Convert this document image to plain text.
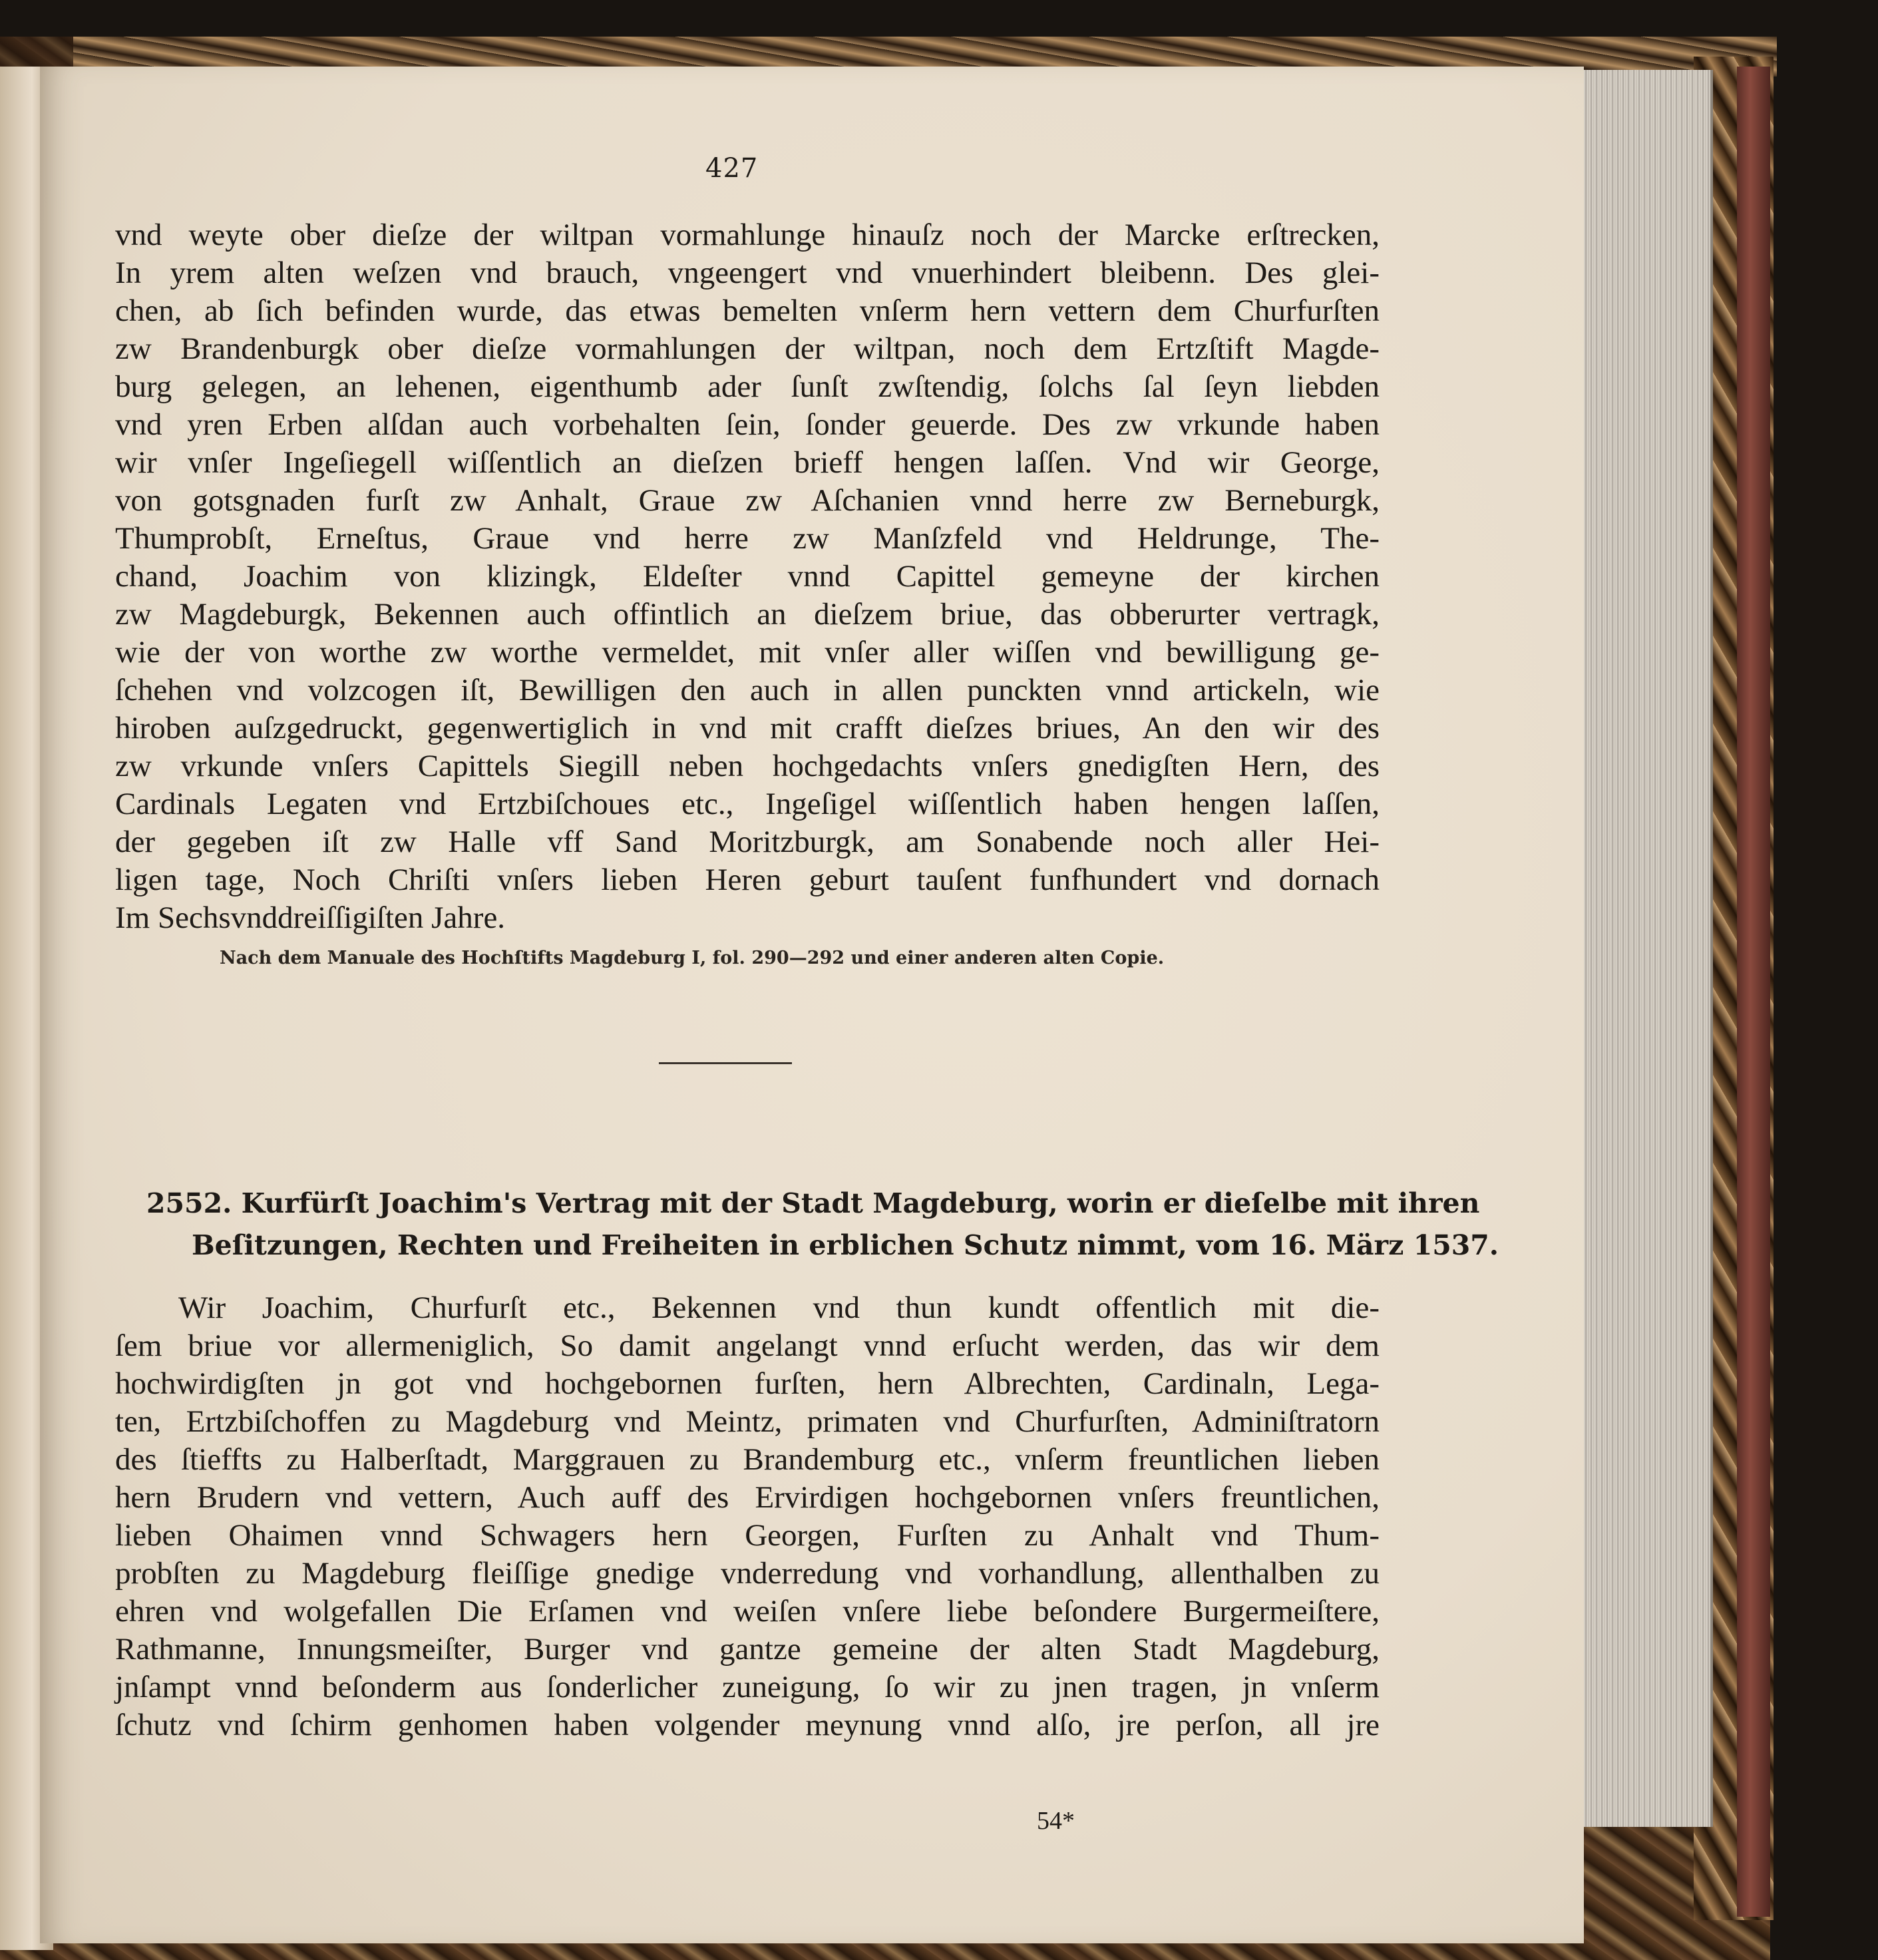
427
vnd weyte ober dieſze der wiltpan vormahlunge hinauſz noch der Marcke erſtrecken,
In yrem alten weſzen vnd brauch, vngeengert vnd vnuerhindert bleibenn. Des glei-
chen, ab ſich befinden wurde, das etwas bemelten vnſerm hern vettern dem Churfurſten
zw Brandenburgk ober dieſze vormahlungen der wiltpan, noch dem Ertzſtift Magde-
burg gelegen, an lehenen, eigenthumb ader ſunſt zwſtendig, ſolchs ſal ſeyn liebden
vnd yren Erben alſdan auch vorbehalten ſein, ſonder geuerde. Des zw vrkunde haben
wir vnſer Ingeſiegell wiſſentlich an dieſzen brieff hengen laſſen. Vnd wir George,
von gotsgnaden furſt zw Anhalt, Graue zw Aſchanien vnnd herre zw Berneburgk,
Thumprobſt, Erneſtus, Graue vnd herre zw Manſzfeld vnd Heldrunge, The-
chand, Joachim von klizingk, Eldeſter vnnd Capittel gemeyne der kirchen
zw Magdeburgk, Bekennen auch offintlich an dieſzem briue, das obberurter vertragk,
wie der von worthe zw worthe vermeldet, mit vnſer aller wiſſen vnd bewilligung ge-
ſchehen vnd volzcogen iſt, Bewilligen den auch in allen punckten vnnd artickeln, wie
hiroben auſzgedruckt, gegenwertiglich in vnd mit crafft dieſzes briues, An den wir des
zw vrkunde vnſers Capittels Siegill neben hochgedachts vnſers gnedigſten Hern, des
Cardinals Legaten vnd Ertzbiſchoues etc., Ingeſigel wiſſentlich haben hengen laſſen,
der gegeben iſt zw Halle vff Sand Moritzburgk, am Sonabende noch aller Hei-
ligen tage, Noch Chriſti vnſers lieben Heren geburt tauſent funfhundert vnd dornach
Im Sechsvnddreiſſigiſten Jahre.
Nach dem Manuale des Hochſtifts Magdeburg I, fol. 290—292 und einer anderen alten Copie.
2552. Kurfürſt Joachim's Vertrag mit der Stadt Magdeburg, worin er dieſelbe mit ihren
Beſitzungen, Rechten und Freiheiten in erblichen Schutz nimmt, vom 16. März 1537.
Wir Joachim, Churfurſt etc., Bekennen vnd thun kundt offentlich mit die-
ſem briue vor allermeniglich, So damit angelangt vnnd erſucht werden, das wir dem
hochwirdigſten jn got vnd hochgebornen furſten, hern Albrechten, Cardinaln, Lega-
ten, Ertzbiſchoffen zu Magdeburg vnd Meintz, primaten vnd Churfurſten, Adminiſtratorn
des ſtieffts zu Halberſtadt, Marggrauen zu Brandemburg etc., vnſerm freuntlichen lieben
hern Brudern vnd vettern, Auch auff des Ervirdigen hochgebornen vnſers freuntlichen,
lieben Ohaimen vnnd Schwagers hern Georgen, Furſten zu Anhalt vnd Thum-
probſten zu Magdeburg fleiſſige gnedige vnderredung vnd vorhandlung, allenthalben zu
ehren vnd wolgefallen Die Erſamen vnd weiſen vnſere liebe beſondere Burgermeiſtere,
Rathmanne, Innungsmeiſter, Burger vnd gantze gemeine der alten Stadt Magdeburg,
jnſampt vnnd beſonderm aus ſonderlicher zuneigung, ſo wir zu jnen tragen, jn vnſerm
ſchutz vnd ſchirm genhomen haben volgender meynung vnnd alſo, jre perſon, all jre
54*
